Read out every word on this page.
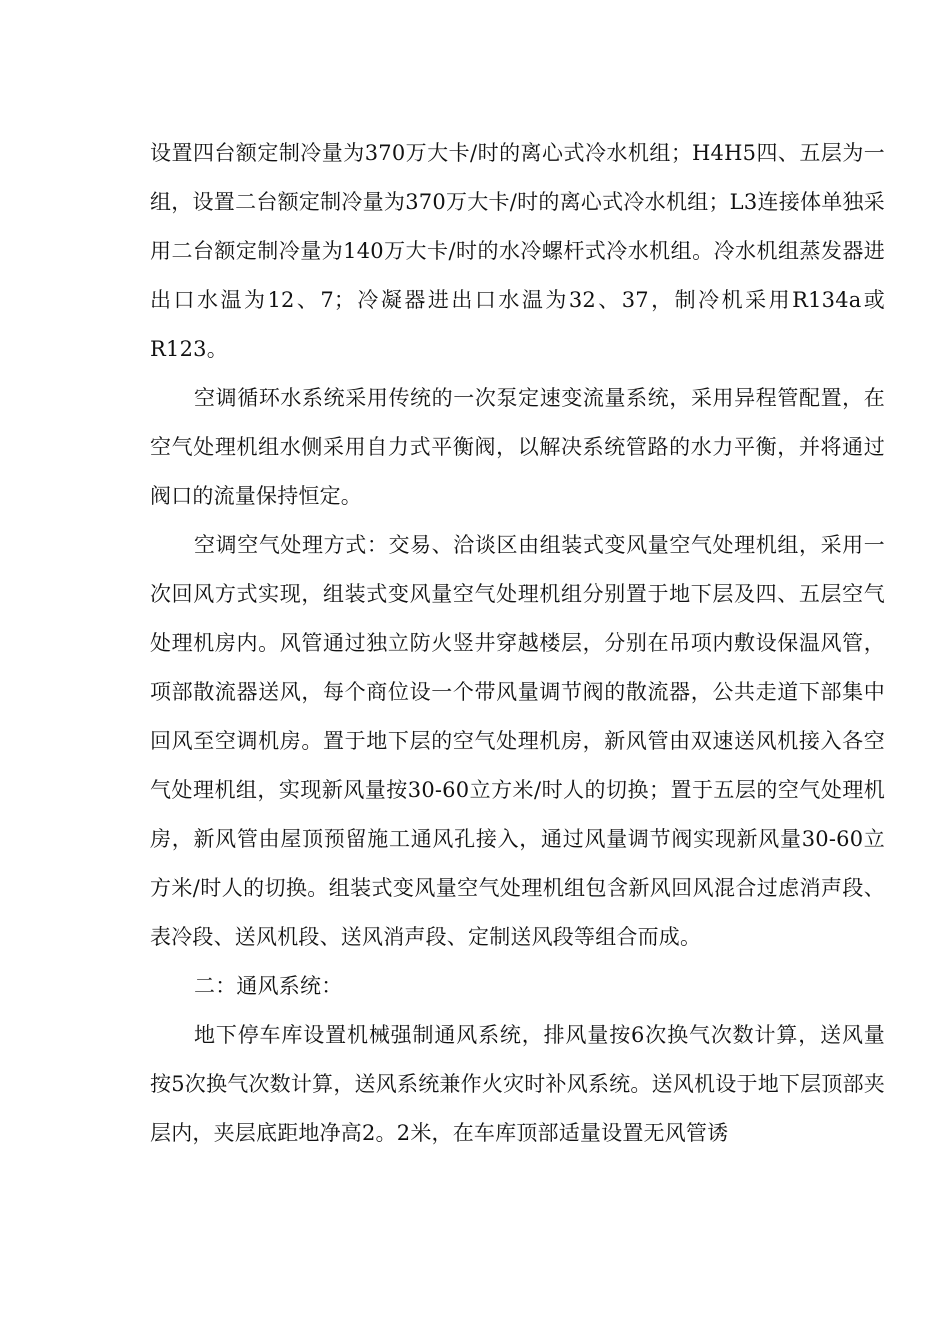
设置四台额定制冷量为370万大卡/时的离心式冷水机组；H4H5四、五层为一组，设置二台额定制冷量为370万大卡/时的离心式冷水机组；L3连接体单独采用二台额定制冷量为140万大卡/时的水冷螺杆式冷水机组。冷水机组蒸发器进出口水温为12、7；冷凝器进出口水温为32、37，制冷机采用R134a或R123。

空调循环水系统采用传统的一次泵定速变流量系统，采用异程管配置，在空气处理机组水侧采用自力式平衡阀，以解决系统管路的水力平衡，并将通过阀口的流量保持恒定。

空调空气处理方式：交易、洽谈区由组装式变风量空气处理机组，采用一次回风方式实现，组装式变风量空气处理机组分别置于地下层及四、五层空气处理机房内。风管通过独立防火竖井穿越楼层，分别在吊项内敷设保温风管，项部散流器送风，每个商位设一个带风量调节阀的散流器，公共走道下部集中回风至空调机房。置于地下层的空气处理机房，新风管由双速送风机接入各空气处理机组，实现新风量按30-60立方米/时人的切换；置于五层的空气处理机房，新风管由屋顶预留施工通风孔接入，通过风量调节阀实现新风量30-60立方米/时人的切换。组装式变风量空气处理机组包含新风回风混合过虑消声段、表冷段、送风机段、送风消声段、定制送风段等组合而成。

二：通风系统：

地下停车库设置机械强制通风系统，排风量按6次换气次数计算，送风量按5次换气次数计算，送风系统兼作火灾时补风系统。送风机设于地下层顶部夹层内，夹层底距地净高2。2米，在车库顶部适量设置无风管诱
